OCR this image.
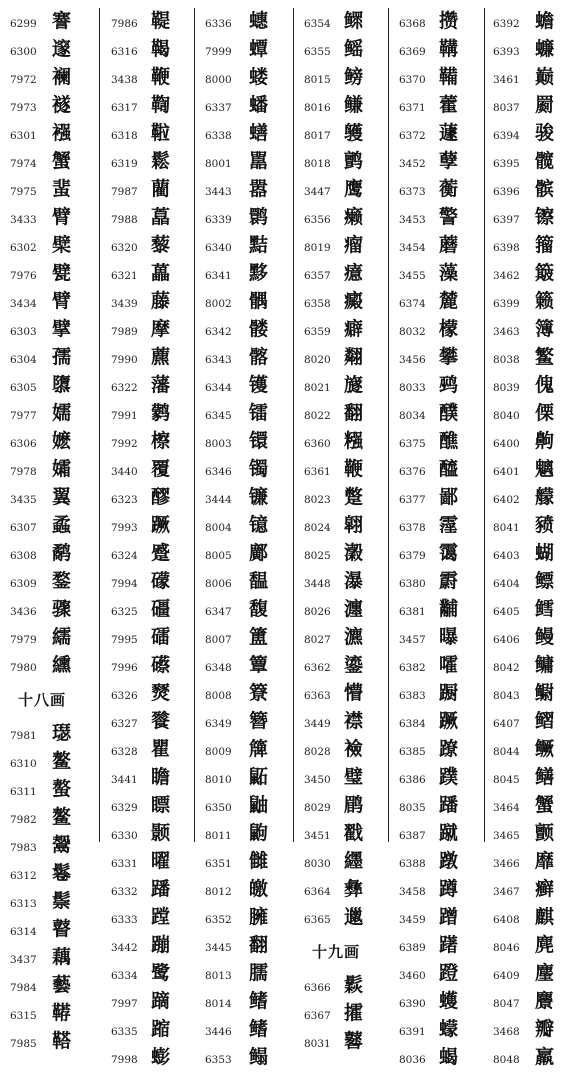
6299 謇
6300 邃
7972 襕
7973 襚
6301 襁
7974 蟹
7975 蜚
3433 臂
6302 檗
7976 甓
3434 臂
6303 擘
6304 孺
6305 隳
7977 嬬
6306 嬷
7978 孀
3435 翼
6307 蟊
6308 鹬
6309 鍪
3436 骤
7979 繻
7980 纁
十八画
7981 璱
6310 鳌
6311 螯
7982 鳌
7983 鬶
6312 鬈
6313 鬃
6314 瞽
3437 藕
7984 藝
6315 鞯
7985 鞳
7986 鞮
6316 鞨
3438 鞭
6317 鞫
6318 鞡
6319 鬆
7987 藺
7988 藠
6320 藜
6321 藟
3439 藤
7989 摩
7990 藨
6322 藩
7991 鹲
7992 檫
3440 覆
6323 醪
7993 蹶
6324 蹙
7994 礞
6325 礓
7995 礌
7996 礤
6326 燹
6327 餮
6328 瞿
3441 瞻
6329 瞟
6330 颢
6331 曜
6332 蹯
6333 蹚
3442 蹦
6334 鹭
7997 蹢
6335 蹜
7998 蟛
6336 蟪
7999 蟫
8000 蝼
6337 蟠
6338 蟮
8001 嚚
3443 嚣
6339 鹮
6340 黠
6341 黟
8002 髃
6342 髅
6343 髂
6344 镬
6345 镭
8003 镮
6346 镯
3444 镰
8004 镱
8005 鄺
8006 馧
6347 馥
8007 簠
6348 簟
8008 簝
6349 簪
8009 簰
8010 鼫
6350 鼬
8011 鼩
6351 雠
8012 皦
6352 臃
3445 翻
8013 臑
8014 鳍
3446 鳍
6353 鳎
6354 鳏
6355 鳐
8015 鳑
8016 鳒
8017 鹱
8018 鹯
3447 鹰
6356 癞
8019 瘤
6357 癔
6358 癜
6359 癖
8020 翷
8021 旞
8022 翻
6360 糨
6361 鞭
8023 蹩
8024 翶
8025 瀔
3448 瀑
8026 瀍
8027 瀌
6362 鎏
6363 懵
3449 襟
8028 襝
3450 璧
8029 鹛
3451 戳
8030 纆
6364 彝
6365 邋
十九画
6366 鬏
6367 攉
8031 鼛
6368 攒
6369 鞲
6370 鞴
6371 藿
6372 蘧
3452 孽
6373 蘅
3453 警
3454 蘑
3455 藻
6374 麓
8032 檬
3456 攀
8033 鹀
8034 醭
6375 醮
6376 醯
6377 鄙
6378 霪
6379 霭
6380 霨
6381 黼
3457 曝
6382 嚯
6383 蹰
6384 蹶
6385 蹽
6386 蹼
8035 蹯
6387 蹴
6388 蹾
3458 蹲
3459 蹭
6389 躇
3460 蹬
6390 蠖
6391 蠓
8036 蝎
6392 蟾
6393 蠊
3461 巅
8037 罽
6394 骏
6395 髋
6396 髌
6397 镲
6398 籀
3462 簸
6399 籁
3463 簿
8038 鳘
8039 傀
8040 傈
6400 齁
6401 魑
6402 艨
8041 豮
6403 蝴
6404 鳔
6405 鳕
6406 鳗
8042 鳙
8043 鳚
6407 鳛
8044 鳜
8045 鳝
3464 蟹
3465 颤
3466 靡
3467 癣
6408 麒
8046 麂
6409 麈
8047 麖
3468 瓣
8048 羸
